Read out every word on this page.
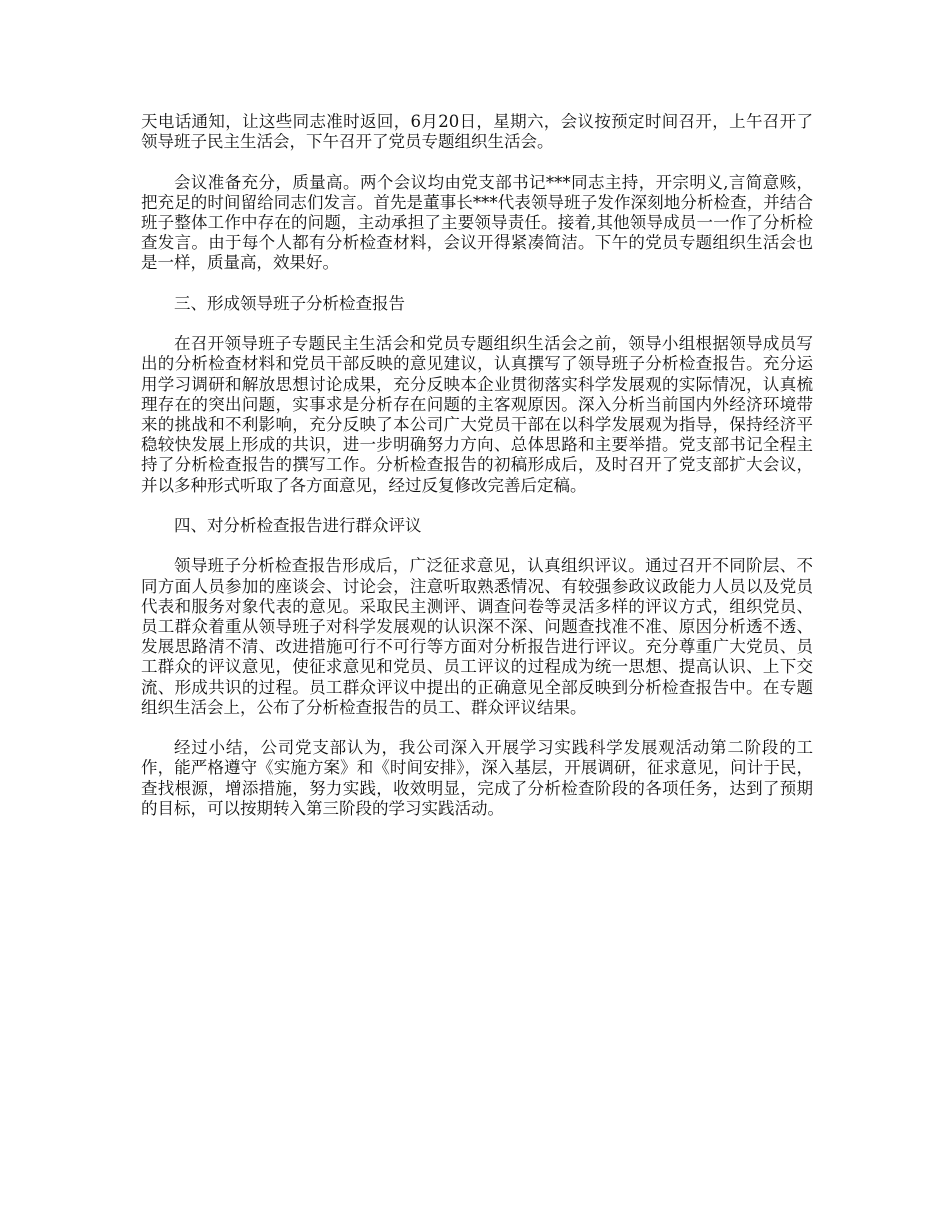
天电话通知，让这些同志准时返回，6月20日，星期六，会议按预定时间召开，上午召开了领导班子民主生活会，下午召开了党员专题组织生活会。

会议准备充分，质量高。两个会议均由党支部书记***同志主持，开宗明义,言简意赅，把充足的时间留给同志们发言。首先是董事长***代表领导班子发作深刻地分析检查，并结合班子整体工作中存在的问题，主动承担了主要领导责任。接着,其他领导成员一一作了分析检查发言。由于每个人都有分析检查材料，会议开得紧凑简洁。下午的党员专题组织生活会也是一样，质量高，效果好。

三、形成领导班子分析检查报告

在召开领导班子专题民主生活会和党员专题组织生活会之前，领导小组根据领导成员写出的分析检查材料和党员干部反映的意见建议，认真撰写了领导班子分析检查报告。充分运用学习调研和解放思想讨论成果，充分反映本企业贯彻落实科学发展观的实际情况，认真梳理存在的突出问题，实事求是分析存在问题的主客观原因。深入分析当前国内外经济环境带来的挑战和不利影响，充分反映了本公司广大党员干部在以科学发展观为指导，保持经济平稳较快发展上形成的共识，进一步明确努力方向、总体思路和主要举措。党支部书记全程主持了分析检查报告的撰写工作。分析检查报告的初稿形成后，及时召开了党支部扩大会议，并以多种形式听取了各方面意见，经过反复修改完善后定稿。

四、对分析检查报告进行群众评议

领导班子分析检查报告形成后，广泛征求意见，认真组织评议。通过召开不同阶层、不同方面人员参加的座谈会、讨论会，注意听取熟悉情况、有较强参政议政能力人员以及党员代表和服务对象代表的意见。采取民主测评、调查问卷等灵活多样的评议方式，组织党员、员工群众着重从领导班子对科学发展观的认识深不深、问题查找准不准、原因分析透不透、发展思路清不清、改进措施可行不可行等方面对分析报告进行评议。充分尊重广大党员、员工群众的评议意见，使征求意见和党员、员工评议的过程成为统一思想、提高认识、上下交流、形成共识的过程。员工群众评议中提出的正确意见全部反映到分析检查报告中。在专题组织生活会上，公布了分析检查报告的员工、群众评议结果。

经过小结，公司党支部认为，我公司深入开展学习实践科学发展观活动第二阶段的工作，能严格遵守《实施方案》和《时间安排》，深入基层，开展调研，征求意见，问计于民，查找根源，增添措施，努力实践，收效明显，完成了分析检查阶段的各项任务，达到了预期的目标，可以按期转入第三阶段的学习实践活动。
